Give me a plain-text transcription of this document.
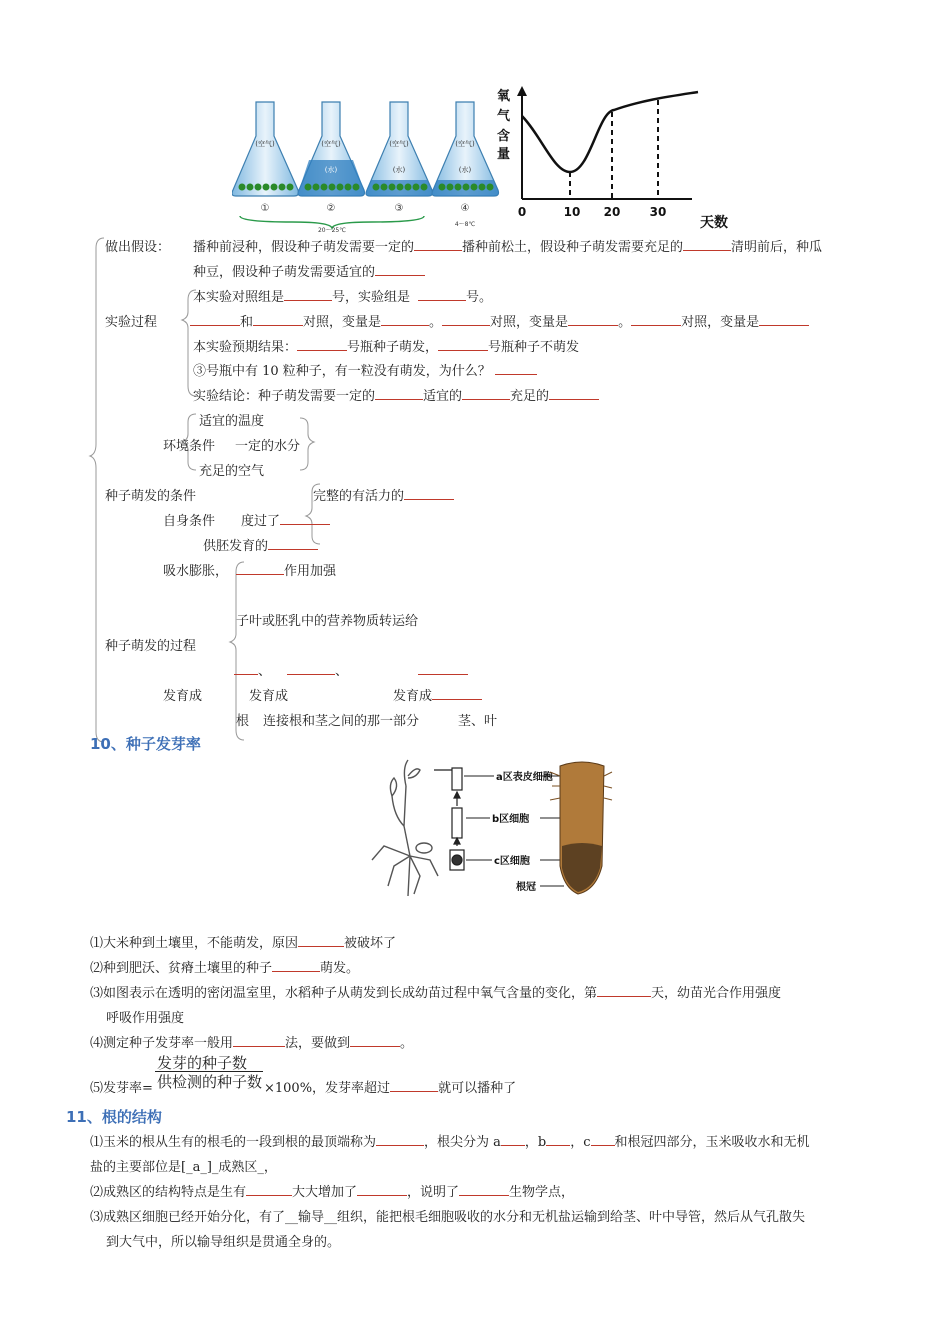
(空气)
①
(空气)
(水)
②
(空气)
(水)
③
(空气)
(水)
④
20～25℃
4～8℃
氧
气
含
量
0	10 20 30
天数
做出假设： 播种前浸种，假设种子萌发需要一定的	播种前松土，假设种子萌发需要充足的	清明前后，种瓜
种豆，假设种子萌发需要适宜的
实验过程
本实验对照组是	号，实验组是	号。
和	对照，变量是	。	对照，变量是	。	对照，变量是
本实验预期结果：	号瓶种子萌发，	号瓶种子不萌发
③号瓶中有 10 粒种子，有一粒没有萌发，为什么？
实验结论：种子萌发需要一定的	适宜的	充足的
适宜的温度
环境条件 一定的水分
充足的空气
种子萌发的条件	完整的有活力的
自身条件 度过了
供胚发育的
吸水膨胀，	作用加强
子叶或胚乳中的营养物质转运给
种子萌发的过程
、	、
发育成	发育成	发育成
根 连接根和茎之间的那一部分	茎、叶
10、种子发芽率
a区表皮细胞
b区细胞
c区细胞
根冠
⑴大米种到土壤里，不能萌发，原因	被破坏了
⑵种到肥沃、贫瘠土壤里的种子	萌发。
⑶如图表示在透明的密闭温室里，水稻种子从萌发到长成幼苗过程中氧气含量的变化，第	天，幼苗光合作用强度
呼吸作用强度
⑷测定种子发芽率一般用	法，要做到	。
发芽的种子数
供检测的种子数
⑸发芽率=	×100%，发芽率超过	就可以播种了
11、根的结构
⑴玉米的根从生有的根毛的一段到根的最顶端称为	，根尖分为 a ，b ，c 和根冠四部分，玉米吸收水和无机
盐的主要部位是[_a_]_成熟区_，
⑵成熟区的结构特点是生有	大大增加了	，说明了	生物学点，
⑶成熟区细胞已经开始分化，有了__输导__组织，能把根毛细胞吸收的水分和无机盐运输到给茎、叶中导管，然后从气孔散失
到大气中，所以输导组织是贯通全身的。
